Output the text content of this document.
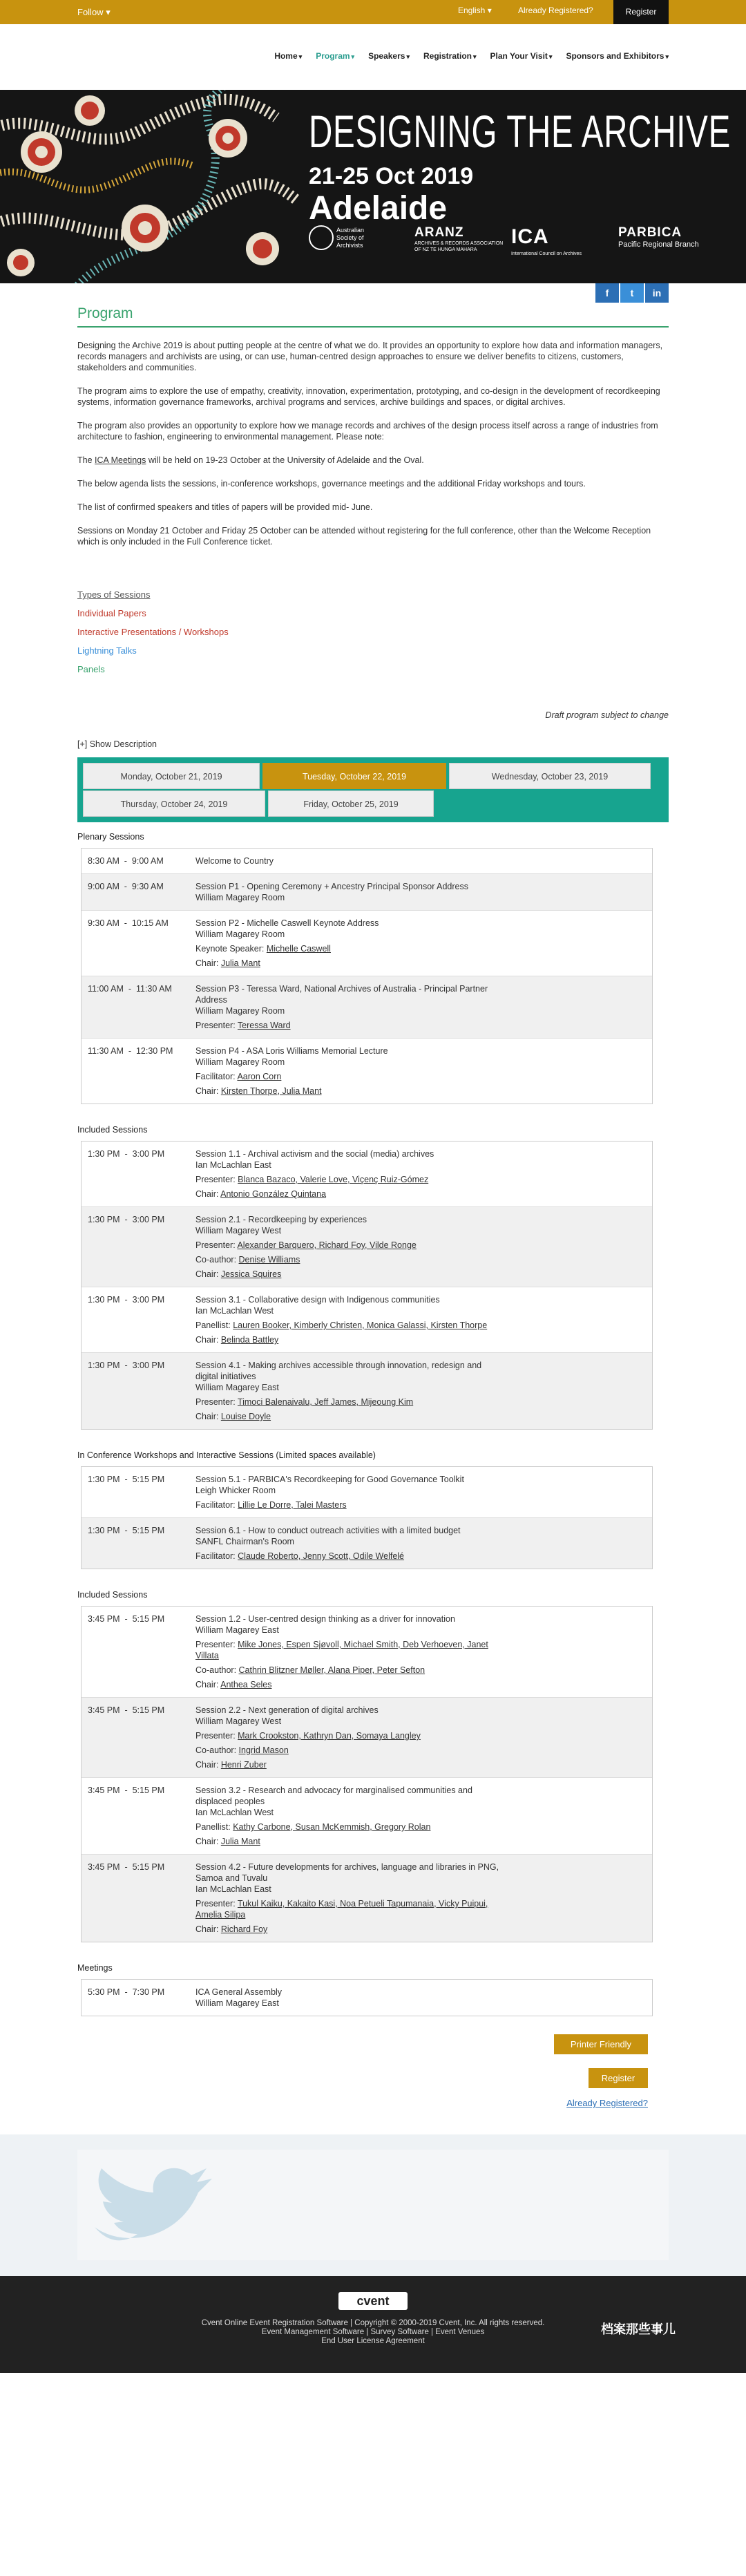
Follow ▾	English ▾	Already Registered?	Register
Home ▾ Program ▾ Speakers ▾ Registration ▾ Plan Your Visit ▾ Sponsors and Exhibitors ▾
DESIGNING THE ARCHIVE
21-25 Oct 2019
Adelaide
Australian Society of Archivists
ARANZ
ARCHIVES & RECORDS ASSOCIATION OF NZ TE HUNGA MAHARA
ICA
International Council on Archives
PARBICA
Pacific Regional Branch
f	t	in
Program

Designing the Archive 2019 is about putting people at the centre of what we do. It provides an opportunity to explore how data and information managers, records managers and archivists are using, or can use, human-centred design approaches to ensure we deliver benefits to citizens, customers, stakeholders and communities.

The program aims to explore the use of empathy, creativity, innovation, experimentation, prototyping, and co-design in the development of recordkeeping systems, information governance frameworks, archival programs and services, archive buildings and spaces, or digital archives.

The program also provides an opportunity to explore how we manage records and archives of the design process itself across a range of industries from architecture to fashion, engineering to environmental management. Please note:

The ICA Meetings will be held on 19-23 October at the University of Adelaide and the Oval.

The below agenda lists the sessions, in-conference workshops, governance meetings and the additional Friday workshops and tours.

The list of confirmed speakers and titles of papers will be provided mid- June.

Sessions on Monday 21 October and Friday 25 October can be attended without registering for the full conference, other than the Welcome Reception which is only included in the Full Conference ticket.

Types of Sessions
Individual Papers
Interactive Presentations / Workshops
Lightning Talks
Panels
Draft program subject to change
[+] Show Description
Monday, October 21, 2019	Tuesday, October 22, 2019	Wednesday, October 23, 2019
Thursday, October 24, 2019	Friday, October 25, 2019
Plenary Sessions
8:30 AM  -  9:00 AM	Welcome to Country
9:00 AM  -  9:30 AM	Session P1 - Opening Ceremony + Ancestry Principal Sponsor Address
William Magarey Room
9:30 AM  -  10:15 AM	Session P2 - Michelle Caswell Keynote Address
William Magarey Room
Keynote Speaker: Michelle Caswell
Chair: Julia Mant
11:00 AM  -  11:30 AM	Session P3 - Teressa Ward, National Archives of Australia - Principal Partner Address
William Magarey Room
Presenter: Teressa Ward
11:30 AM  -  12:30 PM	Session P4 - ASA Loris Williams Memorial Lecture
William Magarey Room
Facilitator: Aaron Corn
Chair: Kirsten Thorpe, Julia Mant
Included Sessions
1:30 PM  -  3:00 PM	Session 1.1 - Archival activism and the social (media) archives
Ian McLachlan East
Presenter: Blanca Bazaco, Valerie Love, Viçenç Ruiz-Gómez
Chair: Antonio González Quintana
1:30 PM  -  3:00 PM	Session 2.1 - Recordkeeping by experiences
William Magarey West
Presenter: Alexander Barquero, Richard Foy, Vilde Ronge
Co-author: Denise Williams
Chair: Jessica Squires
1:30 PM  -  3:00 PM	Session 3.1 - Collaborative design with Indigenous communities
Ian McLachlan West
Panellist: Lauren Booker, Kimberly Christen, Monica Galassi, Kirsten Thorpe
Chair: Belinda Battley
1:30 PM  -  3:00 PM	Session 4.1 - Making archives accessible through innovation, redesign and digital initiatives
William Magarey East
Presenter: Timoci Balenaivalu, Jeff James, Mijeoung Kim
Chair: Louise Doyle
In Conference Workshops and Interactive Sessions (Limited spaces available)
1:30 PM  -  5:15 PM	Session 5.1 - PARBICA's Recordkeeping for Good Governance Toolkit
Leigh Whicker Room
Facilitator: Lillie Le Dorre, Talei Masters
1:30 PM  -  5:15 PM	Session 6.1 - How to conduct outreach activities with a limited budget
SANFL Chairman's Room
Facilitator: Claude Roberto, Jenny Scott, Odile Welfelé
Included Sessions
3:45 PM  -  5:15 PM	Session 1.2 - User-centred design thinking as a driver for innovation
William Magarey East
Presenter: Mike Jones, Espen Sjøvoll, Michael Smith, Deb Verhoeven, Janet Villata
Co-author: Cathrin Blitzner Møller, Alana Piper, Peter Sefton
Chair: Anthea Seles
3:45 PM  -  5:15 PM	Session 2.2 - Next generation of digital archives
William Magarey West
Presenter: Mark Crookston, Kathryn Dan, Somaya Langley
Co-author: Ingrid Mason
Chair: Henri Zuber
3:45 PM  -  5:15 PM	Session 3.2 - Research and advocacy for marginalised communities and displaced peoples
Ian McLachlan West
Panellist: Kathy Carbone, Susan McKemmish, Gregory Rolan
Chair: Julia Mant
3:45 PM  -  5:15 PM	Session 4.2 - Future developments for archives, language and libraries in PNG, Samoa and Tuvalu
Ian McLachlan East
Presenter: Tukul Kaiku, Kakaito Kasi, Noa Petueli Tapumanaia, Vicky Puipui, Amelia Silipa
Chair: Richard Foy
Meetings
5:30 PM  -  7:30 PM	ICA General Assembly
William Magarey East
Printer Friendly
Register
Already Registered?
cvent
Cvent Online Event Registration Software | Copyright © 2000-2019 Cvent, Inc. All rights reserved.
Event Management Software | Survey Software | Event Venues
End User License Agreement
档案那些事儿
